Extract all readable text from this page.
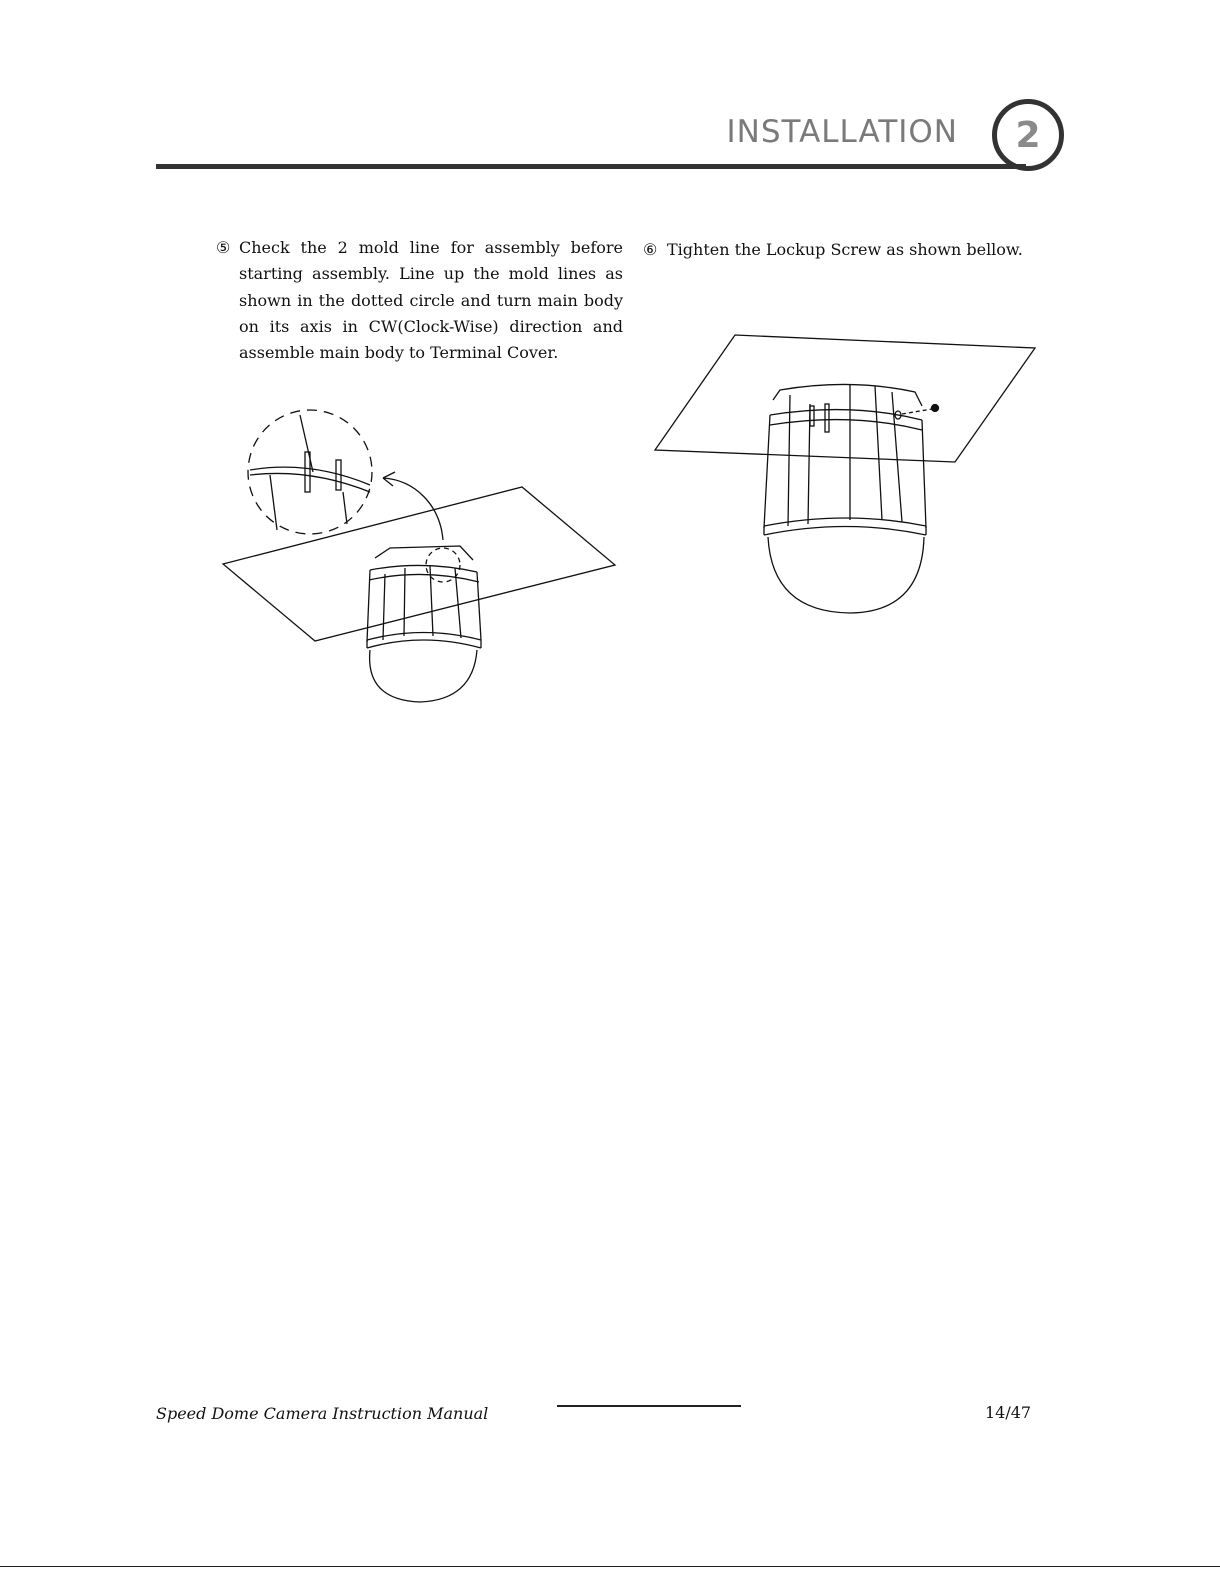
INSTALLATION 2
⑤ Check the 2 mold line for assembly before starting assembly. Line up the mold lines as shown in the dotted circle and turn main body on its axis in CW(Clock-Wise) direction and assemble main body to Terminal Cover.
⑥ Tighten the Lockup Screw as shown bellow.
Speed Dome Camera Instruction Manual	14/47
